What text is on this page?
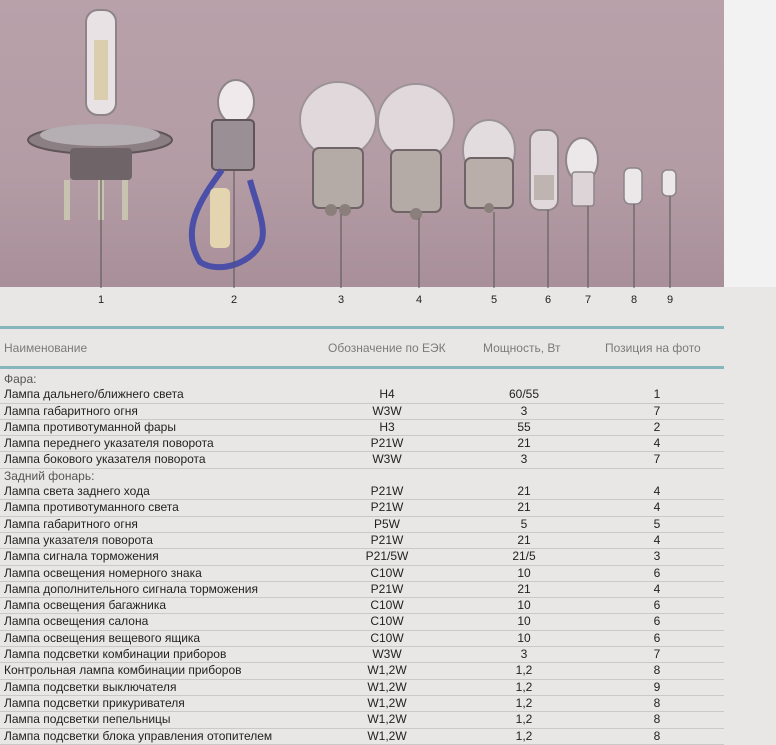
1	2	3	4	5	6	7	8	9
Наименование	Обозначение по ЕЭК	Мощность, Вт	Позиция на фото
Фара:
Лампа дальнего/ближнего света	H4	60/55	1
Лампа габаритного огня	W3W	3	7
Лампа противотуманной фары	H3	55	2
Лампа переднего указателя поворота	P21W	21	4
Лампа бокового указателя поворота	W3W	3	7
Задний фонарь:
Лампа света заднего хода	P21W	21	4
Лампа противотуманного света	P21W	21	4
Лампа габаритного огня	P5W	5	5
Лампа указателя поворота	P21W	21	4
Лампа сигнала торможения	P21/5W	21/5	3
Лампа освещения номерного знака	C10W	10	6
Лампа дополнительного сигнала торможения	P21W	21	4
Лампа освещения багажника	C10W	10	6
Лампа освещения салона	C10W	10	6
Лампа освещения вещевого ящика	C10W	10	6
Лампа подсветки комбинации приборов	W3W	3	7
Контрольная лампа комбинации приборов	W1,2W	1,2	8
Лампа подсветки выключателя	W1,2W	1,2	9
Лампа подсветки прикуривателя	W1,2W	1,2	8
Лампа подсветки пепельницы	W1,2W	1,2	8
Лампа подсветки блока управления отопителем	W1,2W	1,2	8
